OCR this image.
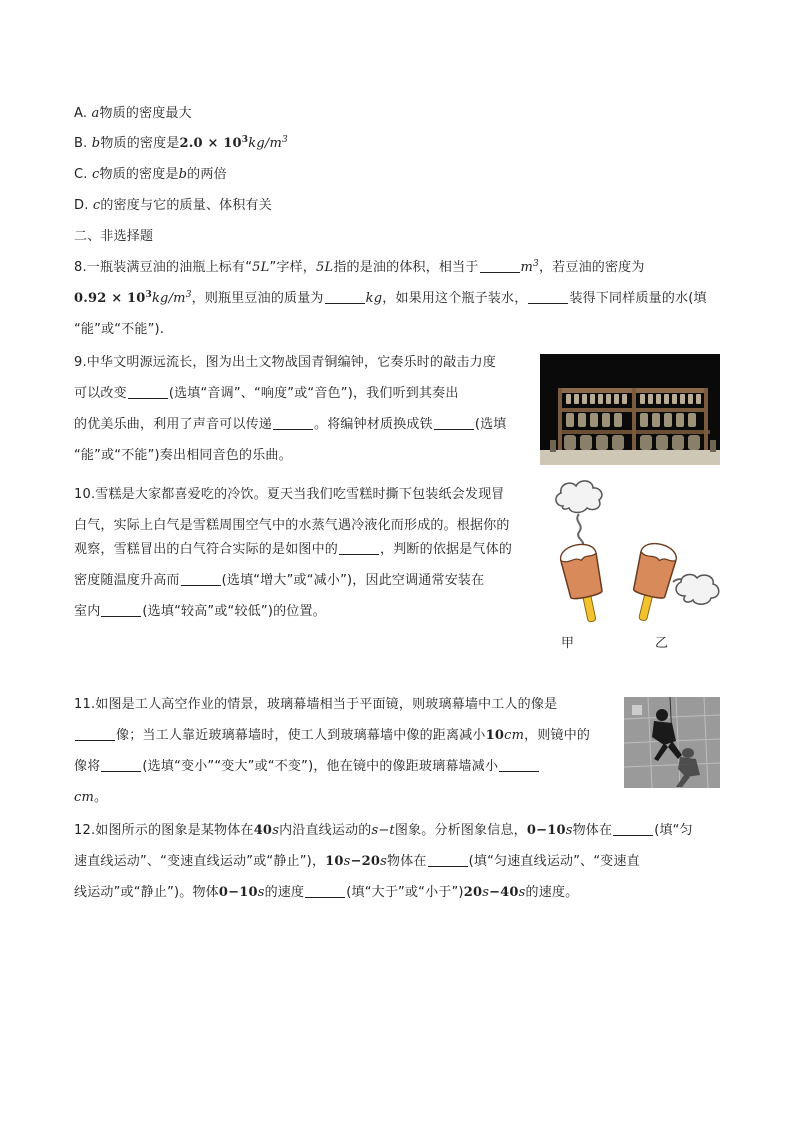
A. a物质的密度最大
B. b物质的密度是$2.0 \times 10^3kg/m^3$
C. c物质的密度是b的两倍
D. c的密度与它的质量、体积有关
二、非选择题
8.一瓶装满豆油的油瓶上标有“5L”字样，5L指的是油的体积，相当于	$m^3$，若豆油的密度为
$0.92 \times 10^3kg/m^3$，则瓶里豆油的质量为	kg，如果用这个瓶子装水，	装得下同样质量的水(填
“能”或“不能”).
9.中华文明源远流长，图为出土文物战国青铜编钟，它奏乐时的敲击力度
可以改变	(选填“音调”、“响度”或“音色”)，我们听到其奏出
的优美乐曲，利用了声音可以传递	。将编钟材质换成铁	(选填
“能”或“不能”)奏出相同音色的乐曲。
10.雪糕是大家都喜爱吃的冷饮。夏天当我们吃雪糕时撕下包装纸会发现冒
白气，实际上白气是雪糕周围空气中的水蒸气遇冷液化而形成的。根据你的
观察，雪糕冒出的白气符合实际的是如图中的	，判断的依据是气体的
密度随温度升高而	(选填“增大”或“减小”)，因此空调通常安装在
室内	(选填“较高”或“较低”)的位置。
甲	乙
11.如图是工人高空作业的情景，玻璃幕墙相当于平面镜，则玻璃幕墙中工人的像是
像；当工人靠近玻璃幕墙时，使工人到玻璃幕墙中像的距离减小10cm，则镜中的
像将	(选填“变小”“变大”或“不变”)，他在镜中的像距玻璃幕墙减小
cm。
12.如图所示的图象是某物体在40s内沿直线运动的s−t图象。分析图象信息，0−10s物体在	(填“匀
速直线运动”、“变速直线运动”或“静止”)，10s−20s物体在	(填“匀速直线运动”、“变速直
线运动”或“静止”)。物体0−10s的速度	(填“大于”或“小于”)20s−40s的速度。
